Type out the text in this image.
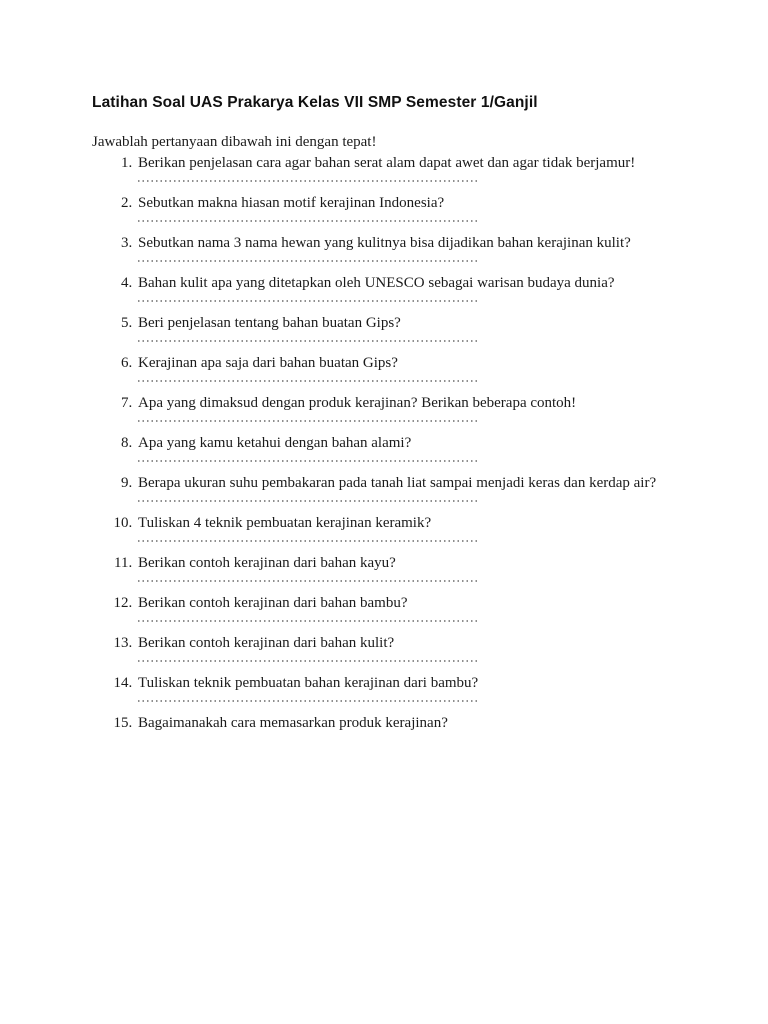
Latihan Soal UAS Prakarya Kelas VII SMP Semester 1/Ganjil
Jawablah pertanyaan dibawah ini dengan tepat!
1. Berikan penjelasan cara agar bahan serat alam dapat awet dan agar tidak berjamur!
2. Sebutkan makna hiasan motif kerajinan Indonesia?
3. Sebutkan nama 3 nama hewan yang kulitnya bisa dijadikan bahan kerajinan kulit?
4. Bahan kulit apa yang ditetapkan oleh UNESCO sebagai warisan budaya dunia?
5. Beri penjelasan tentang bahan buatan Gips?
6. Kerajinan apa saja dari bahan buatan Gips?
7. Apa yang dimaksud dengan produk kerajinan? Berikan beberapa contoh!
8. Apa yang kamu ketahui dengan bahan alami?
9. Berapa ukuran suhu pembakaran pada tanah liat sampai menjadi keras dan kerdap air?
10. Tuliskan 4 teknik pembuatan kerajinan keramik?
11. Berikan contoh kerajinan dari bahan kayu?
12. Berikan contoh kerajinan dari bahan bambu?
13. Berikan contoh kerajinan dari bahan kulit?
14. Tuliskan teknik pembuatan bahan kerajinan dari bambu?
15. Bagaimanakah cara memasarkan produk kerajinan?
